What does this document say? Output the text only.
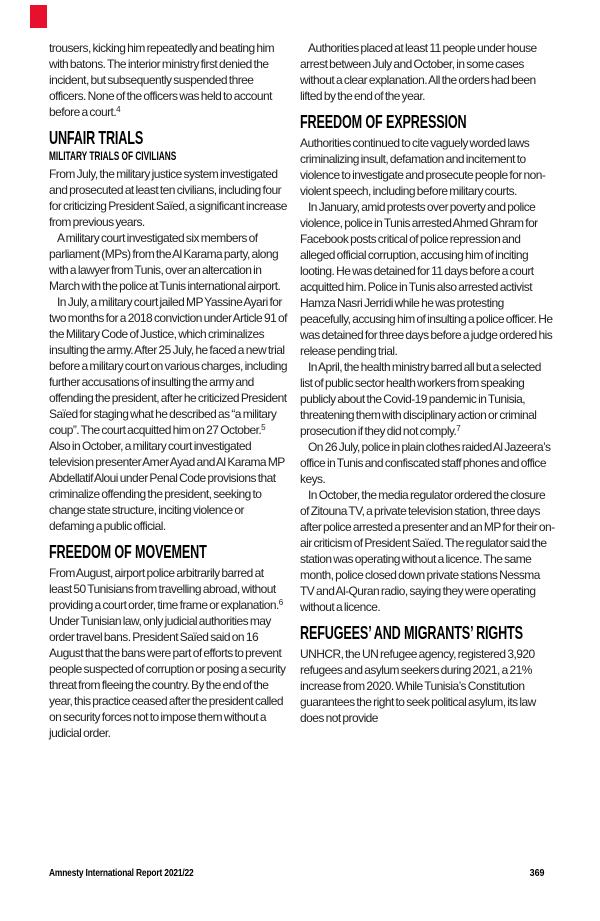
trousers, kicking him repeatedly and beating him with batons. The interior ministry first denied the incident, but subsequently suspended three officers. None of the officers was held to account before a court.$^4$

UNFAIR TRIALS
MILITARY TRIALS OF CIVILIANS

From July, the military justice system investigated and prosecuted at least ten civilians, including four for criticizing President Saïed, a significant increase from previous years.

A military court investigated six members of parliament (MPs) from the Al Karama party, along with a lawyer from Tunis, over an altercation in March with the police at Tunis international airport.

In July, a military court jailed MP Yassine Ayari for two months for a 2018 conviction under Article 91 of the Military Code of Justice, which criminalizes insulting the army. After 25 July, he faced a new trial before a military court on various charges, including further accusations of insulting the army and offending the president, after he criticized President Saïed for staging what he described as “a military coup”. The court acquitted him on 27 October.$^5$ Also in October, a military court investigated television presenter Amer Ayad and Al Karama MP Abdellatif Aloui under Penal Code provisions that criminalize offending the president, seeking to change state structure, inciting violence or defaming a public official.

FREEDOM OF MOVEMENT

From August, airport police arbitrarily barred at least 50 Tunisians from travelling abroad, without providing a court order, time frame or explanation.$^6$ Under Tunisian law, only judicial authorities may order travel bans. President Saïed said on 16 August that the bans were part of efforts to prevent people suspected of corruption or posing a security threat from fleeing the country. By the end of the year, this practice ceased after the president called on security forces not to impose them without a judicial order.

Authorities placed at least 11 people under house arrest between July and October, in some cases without a clear explanation. All the orders had been lifted by the end of the year.

FREEDOM OF EXPRESSION

Authorities continued to cite vaguely worded laws criminalizing insult, defamation and incitement to violence to investigate and prosecute people for non-violent speech, including before military courts.

In January, amid protests over poverty and police violence, police in Tunis arrested Ahmed Ghram for Facebook posts critical of police repression and alleged official corruption, accusing him of inciting looting. He was detained for 11 days before a court acquitted him. Police in Tunis also arrested activist Hamza Nasri Jerridi while he was protesting peacefully, accusing him of insulting a police officer. He was detained for three days before a judge ordered his release pending trial.

In April, the health ministry barred all but a selected list of public sector health workers from speaking publicly about the Covid-19 pandemic in Tunisia, threatening them with disciplinary action or criminal prosecution if they did not comply.$^7$

On 26 July, police in plain clothes raided Al Jazeera’s office in Tunis and confiscated staff phones and office keys.

In October, the media regulator ordered the closure of Zitouna TV, a private television station, three days after police arrested a presenter and an MP for their on-air criticism of President Saïed. The regulator said the station was operating without a licence. The same month, police closed down private stations Nessma TV and Al-Quran radio, saying they were operating without a licence.

REFUGEES’ AND MIGRANTS’ RIGHTS

UNHCR, the UN refugee agency, registered 3,920 refugees and asylum seekers during 2021, a 21% increase from 2020. While Tunisia’s Constitution guarantees the right to seek political asylum, its law does not provide

Amnesty International Report 2021/22	369
